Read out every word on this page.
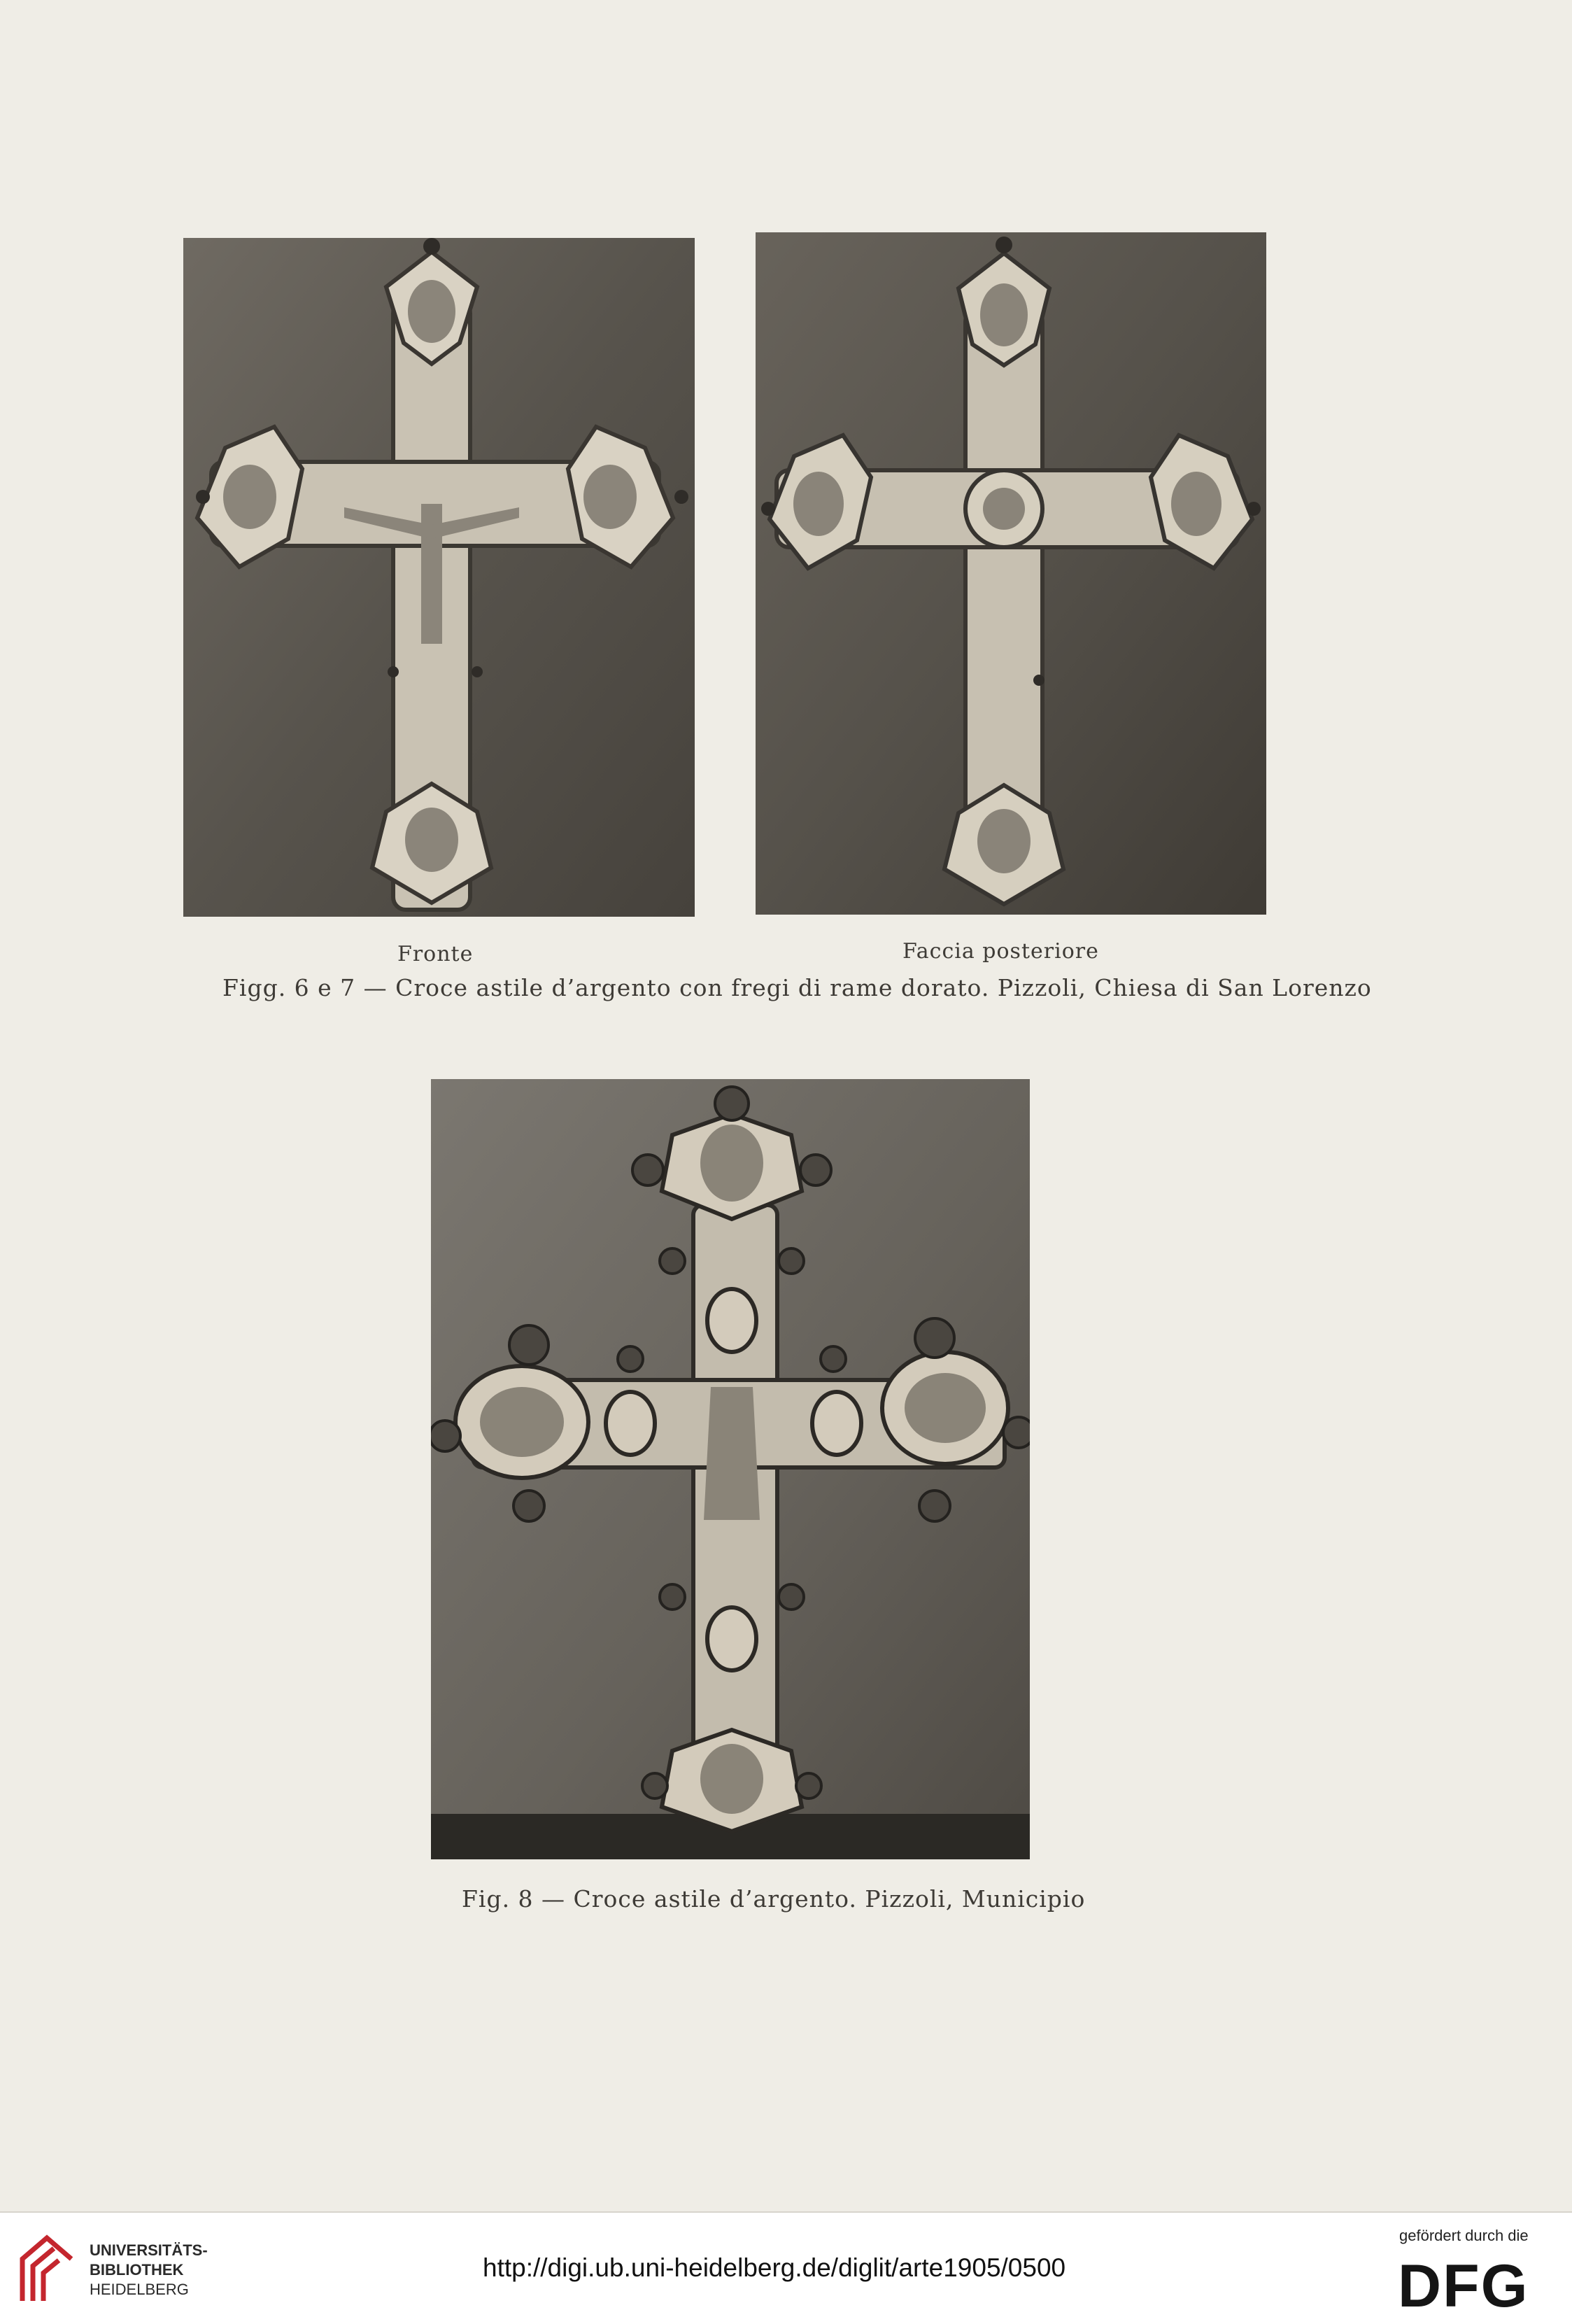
Fronte	Faccia posteriore
Figg. 6 e 7 — Croce astile d’argento con fregi di rame dorato. Pizzoli, Chiesa di San Lorenzo
Fig. 8 — Croce astile d’argento. Pizzoli, Municipio
UNIVERSITÄTS-
BIBLIOTHEK
HEIDELBERG
http://digi.ub.uni-heidelberg.de/diglit/arte1905/0500
gefördert durch die
DFG
